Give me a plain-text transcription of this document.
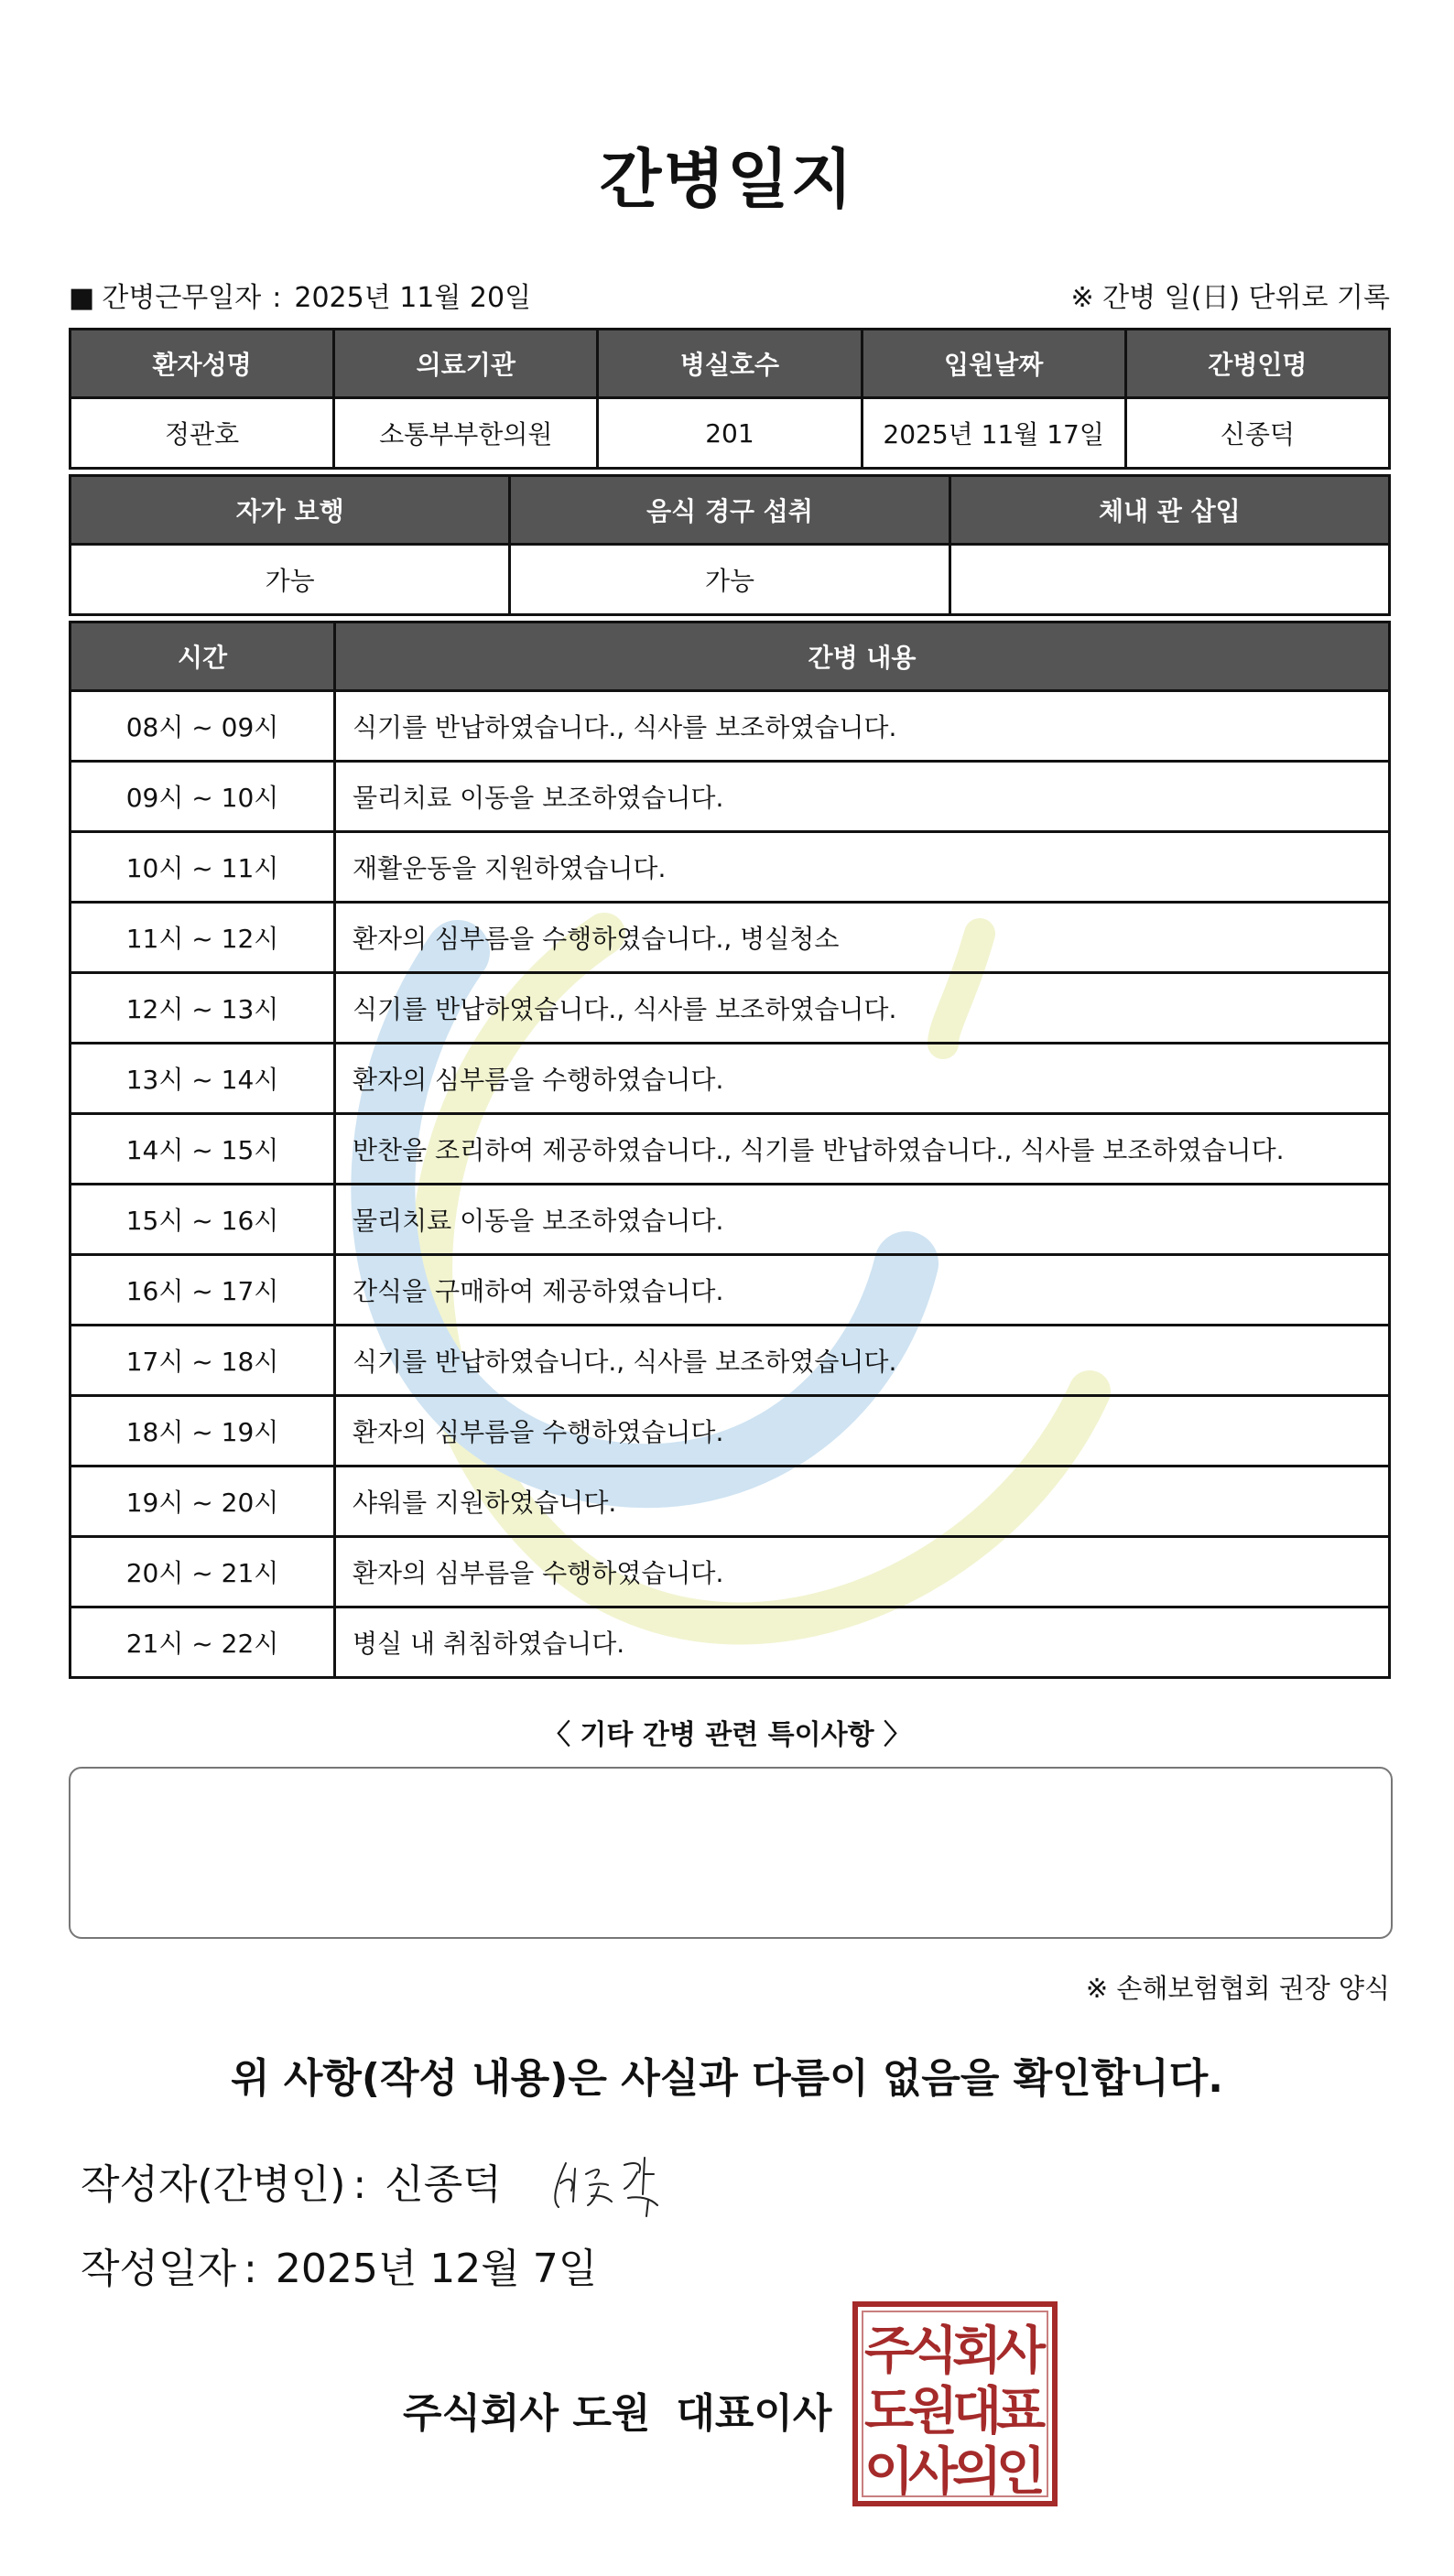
간병일지
■ 간병근무일자 : 2025년 11월 20일	※ 간병 일(日) 단위로 기록
환자성명	의료기관	병실호수	입원날짜	간병인명
정관호	소통부부한의원	201	2025년 11월 17일	신종덕
자가 보행	음식 경구 섭취	체내 관 삽입
가능	가능	
시간	간병 내용
08시 ~ 09시	식기를 반납하였습니다., 식사를 보조하였습니다.
09시 ~ 10시	물리치료 이동을 보조하였습니다.
10시 ~ 11시	재활운동을 지원하였습니다.
11시 ~ 12시	환자의 심부름을 수행하였습니다., 병실청소
12시 ~ 13시	식기를 반납하였습니다., 식사를 보조하였습니다.
13시 ~ 14시	환자의 심부름을 수행하였습니다.
14시 ~ 15시	반찬을 조리하여 제공하였습니다., 식기를 반납하였습니다., 식사를 보조하였습니다.
15시 ~ 16시	물리치료 이동을 보조하였습니다.
16시 ~ 17시	간식을 구매하여 제공하였습니다.
17시 ~ 18시	식기를 반납하였습니다., 식사를 보조하였습니다.
18시 ~ 19시	환자의 심부름을 수행하였습니다.
19시 ~ 20시	샤워를 지원하였습니다.
20시 ~ 21시	환자의 심부름을 수행하였습니다.
21시 ~ 22시	병실 내 취침하였습니다.
〈 기타 간병 관련 특이사항 〉
※ 손해보험협회 권장 양식
위 사항(작성 내용)은 사실과 다름이 없음을 확인합니다.
작성자(간병인) : 신종덕
작성일자 : 2025년 12월 7일
주식회사 도원 대표이사
주
식
회
사
도
원
대
표
이
사
의
인
